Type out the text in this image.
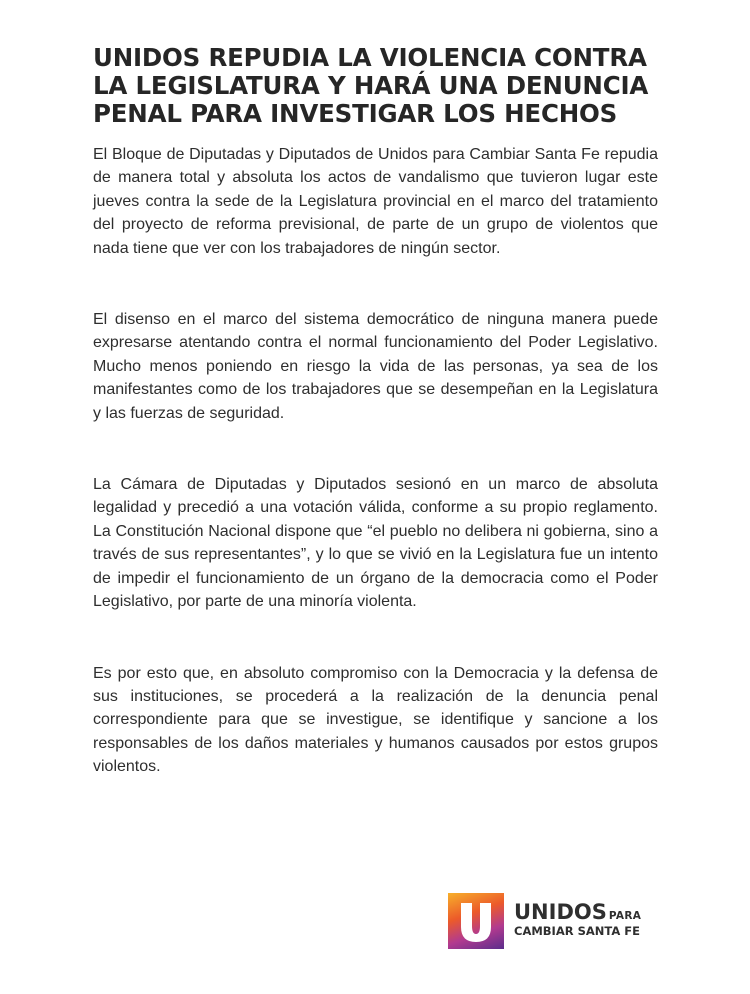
UNIDOS REPUDIA LA VIOLENCIA CONTRA LA LEGISLATURA Y HARÁ UNA DENUNCIA PENAL PARA INVESTIGAR LOS HECHOS

El Bloque de Diputadas y Diputados de Unidos para Cambiar Santa Fe repudia de manera total y absoluta los actos de vandalismo que tuvieron lugar este jueves contra la sede de la Legislatura provincial en el marco del tratamiento del proyecto de reforma previsional, de parte de un grupo de violentos que nada tiene que ver con los trabajadores de ningún sector.

El disenso en el marco del sistema democrático de ninguna manera puede expresarse atentando contra el normal funcionamiento del Poder Legislativo. Mucho menos poniendo en riesgo la vida de las personas, ya sea de los manifestantes como de los trabajadores que se desempeñan en la Legislatura y las fuerzas de seguridad.

La Cámara de Diputadas y Diputados sesionó en un marco de absoluta legalidad y precedió a una votación válida, conforme a su propio reglamento. La Constitución Nacional dispone que “el pueblo no delibera ni gobierna, sino a través de sus representantes”, y lo que se vivió en la Legislatura fue un intento de impedir el funcionamiento de un órgano de la democracia como el Poder Legislativo, por parte de una minoría violenta.

Es por esto que, en absoluto compromiso con la Democracia y la defensa de sus instituciones, se procederá a la realización de la denuncia penal correspondiente para que se investigue, se identifique y sancione a los responsables de los daños materiales y humanos causados por estos grupos violentos.

UNIDOS PARA
CAMBIAR SANTA FE
